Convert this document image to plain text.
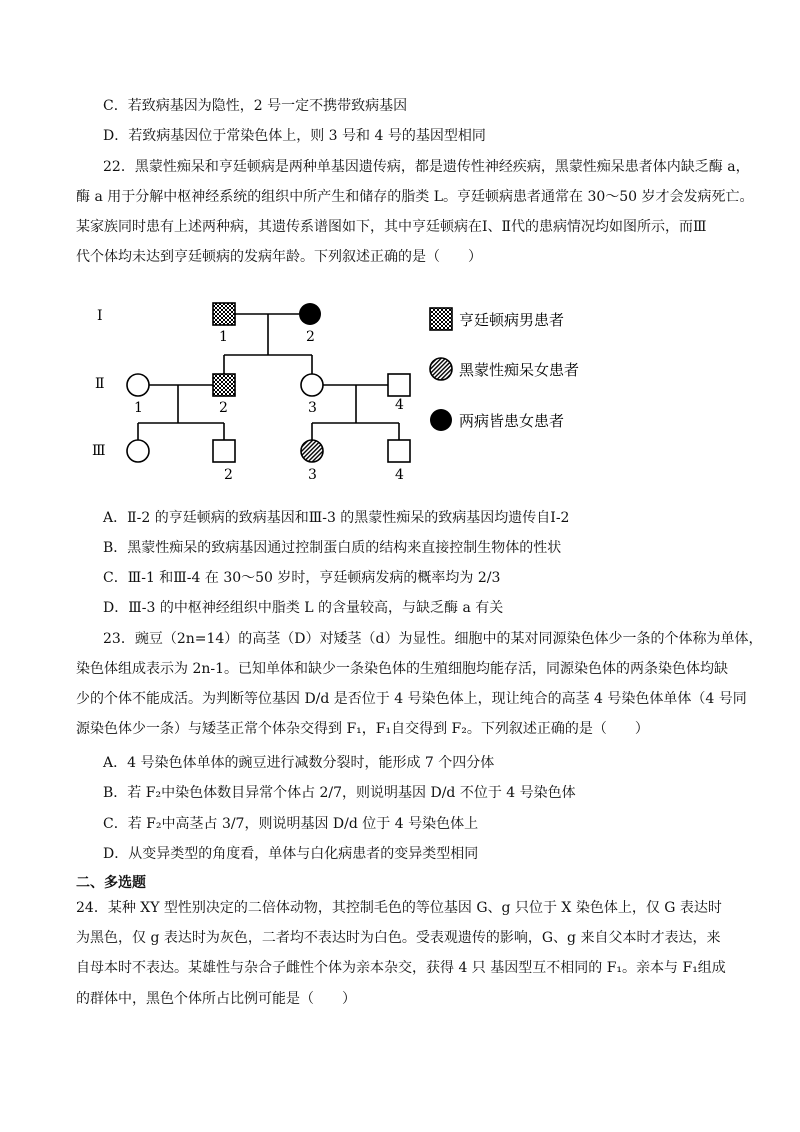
C．若致病基因为隐性，2 号一定不携带致病基因
D．若致病基因位于常染色体上，则 3 号和 4 号的基因型相同
22．黑蒙性痴呆和亨廷顿病是两种单基因遗传病，都是遗传性神经疾病，黑蒙性痴呆患者体内缺乏酶 a，
酶 a 用于分解中枢神经系统的组织中所产生和储存的脂类 L。亨廷顿病患者通常在 30～50 岁才会发病死亡。
某家族同时患有上述两种病，其遗传系谱图如下，其中亨廷顿病在Ⅰ、Ⅱ代的患病情况均如图所示，而Ⅲ
代个体均未达到亨廷顿病的发病年龄。下列叙述正确的是（　　）
Ⅰ
Ⅱ
Ⅲ
1	2
1	2	3	4
2	3	4
亨廷顿病男患者
黑蒙性痴呆女患者
两病皆患女患者
A．Ⅱ-2 的亨廷顿病的致病基因和Ⅲ-3 的黑蒙性痴呆的致病基因均遗传自Ⅰ-2
B．黑蒙性痴呆的致病基因通过控制蛋白质的结构来直接控制生物体的性状
C．Ⅲ-1 和Ⅲ-4 在 30～50 岁时，亨廷顿病发病的概率均为 2/3
D．Ⅲ-3 的中枢神经组织中脂类 L 的含量较高，与缺乏酶 a 有关
23．豌豆（2n=14）的高茎（D）对矮茎（d）为显性。细胞中的某对同源染色体少一条的个体称为单体，
染色体组成表示为 2n-1。已知单体和缺少一条染色体的生殖细胞均能存活，同源染色体的两条染色体均缺
少的个体不能成活。为判断等位基因 D/d 是否位于 4 号染色体上，现让纯合的高茎 4 号染色体单体（4 号同
源染色体少一条）与矮茎正常个体杂交得到 F₁，F₁自交得到 F₂。下列叙述正确的是（　　）
A．4 号染色体单体的豌豆进行减数分裂时，能形成 7 个四分体
B．若 F₂中染色体数目异常个体占 2/7，则说明基因 D/d 不位于 4 号染色体
C．若 F₂中高茎占 3/7，则说明基因 D/d 位于 4 号染色体上
D．从变异类型的角度看，单体与白化病患者的变异类型相同
二、多选题
24．某种 XY 型性别决定的二倍体动物，其控制毛色的等位基因 G、g 只位于 X 染色体上，仅 G 表达时
为黑色，仅 g 表达时为灰色，二者均不表达时为白色。受表观遗传的影响，G、g 来自父本时才表达，来
自母本时不表达。某雄性与杂合子雌性个体为亲本杂交，获得 4 只 基因型互不相同的 F₁。亲本与 F₁组成
的群体中，黑色个体所占比例可能是（　　）
